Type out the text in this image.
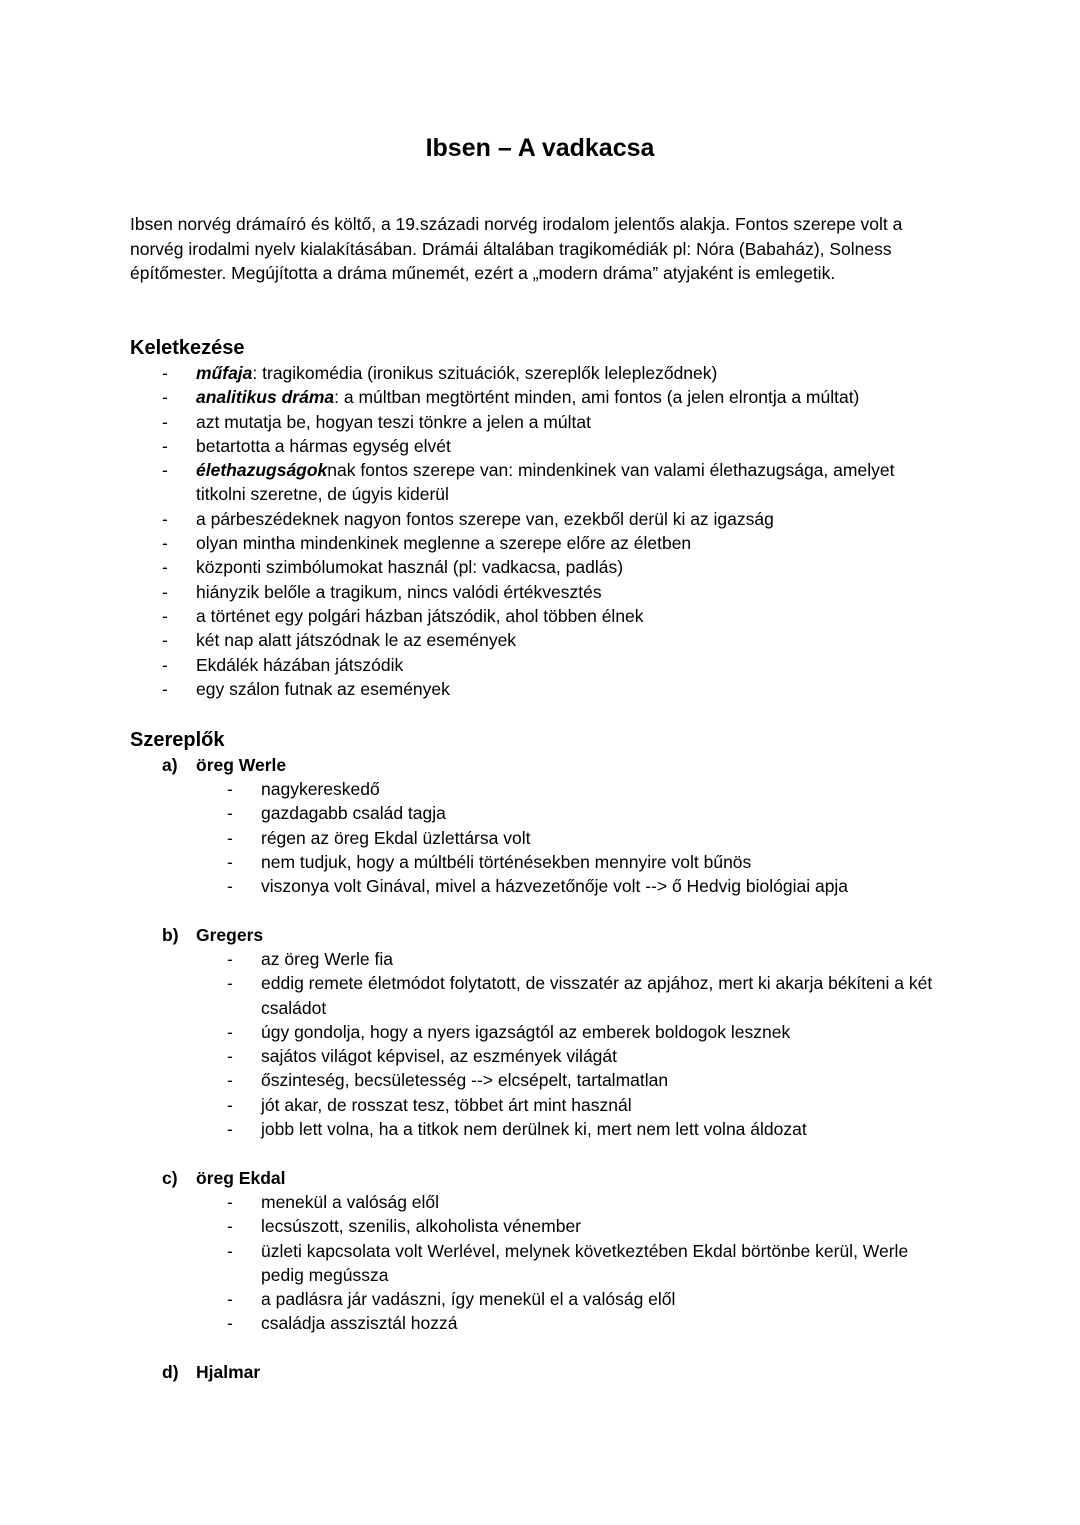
Ibsen – A vadkacsa

Ibsen norvég drámaíró és költő, a 19.századi norvég irodalom jelentős alakja. Fontos szerepe volt a norvég irodalmi nyelv kialakításában. Drámái általában tragikomédiák pl: Nóra (Babaház), Solness építőmester. Megújította a dráma műnemét, ezért a „modern dráma” atyjaként is emlegetik.

Keletkezése
- műfaja: tragikomédia (ironikus szituációk, szereplők lelepleződnek)
- analitikus dráma: a múltban megtörtént minden, ami fontos (a jelen elrontja a múltat)
- azt mutatja be, hogyan teszi tönkre a jelen a múltat
- betartotta a hármas egység elvét
- élethazugságoknak fontos szerepe van: mindenkinek van valami élethazugsága, amelyet titkolni szeretne, de úgyis kiderül
- a párbeszédeknek nagyon fontos szerepe van, ezekből derül ki az igazság
- olyan mintha mindenkinek meglenne a szerepe előre az életben
- központi szimbólumokat használ (pl: vadkacsa, padlás)
- hiányzik belőle a tragikum, nincs valódi értékvesztés
- a történet egy polgári házban játszódik, ahol többen élnek
- két nap alatt játszódnak le az események
- Ekdálék házában játszódik
- egy szálon futnak az események
Szereplők
a) öreg Werle
- nagykereskedő
- gazdagabb család tagja
- régen az öreg Ekdal üzlettársa volt
- nem tudjuk, hogy a múltbéli történésekben mennyire volt bűnös
- viszonya volt Ginával, mivel a házvezetőnője volt --> ő Hedvig biológiai apja
b) Gregers
- az öreg Werle fia
- eddig remete életmódot folytatott, de visszatér az apjához, mert ki akarja békíteni a két családot
- úgy gondolja, hogy a nyers igazságtól az emberek boldogok lesznek
- sajátos világot képvisel, az eszmények világát
- őszinteség, becsületesség --> elcsépelt, tartalmatlan
- jót akar, de rosszat tesz, többet árt mint használ
- jobb lett volna, ha a titkok nem derülnek ki, mert nem lett volna áldozat
c) öreg Ekdal
- menekül a valóság elől
- lecsúszott, szenilis, alkoholista vénember
- üzleti kapcsolata volt Werlével, melynek következtében Ekdal börtönbe kerül, Werle pedig megússza
- a padlásra jár vadászni, így menekül el a valóság elől
- családja asszisztál hozzá
d) Hjalmar
